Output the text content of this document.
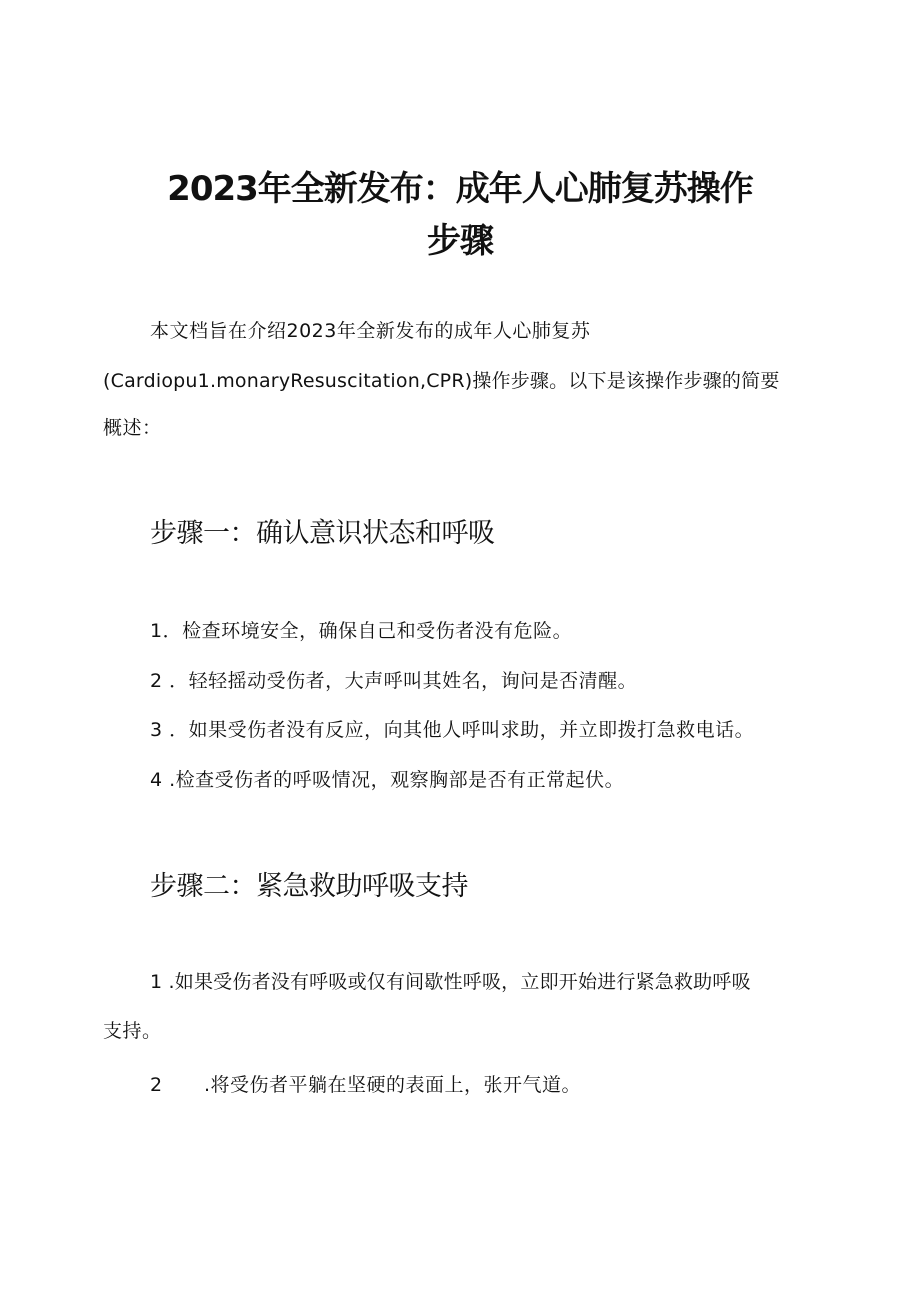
2023年全新发布：成年人心肺复苏操作
步骤
本文档旨在介绍2023年全新发布的成年人心肺复苏
(Cardiopu1.monaryResuscitation,CPR)操作步骤。以下是该操作步骤的简要
概述：
步骤一：确认意识状态和呼吸
1．检查环境安全，确保自己和受伤者没有危险。
2 ．轻轻摇动受伤者，大声呼叫其姓名，询问是否清醒。
3 ．如果受伤者没有反应，向其他人呼叫求助，并立即拨打急救电话。
4 .检查受伤者的呼吸情况，观察胸部是否有正常起伏。
步骤二：紧急救助呼吸支持
1 .如果受伤者没有呼吸或仅有间歇性呼吸，立即开始进行紧急救助呼吸
支持。
2 .将受伤者平躺在坚硬的表面上，张开气道。
